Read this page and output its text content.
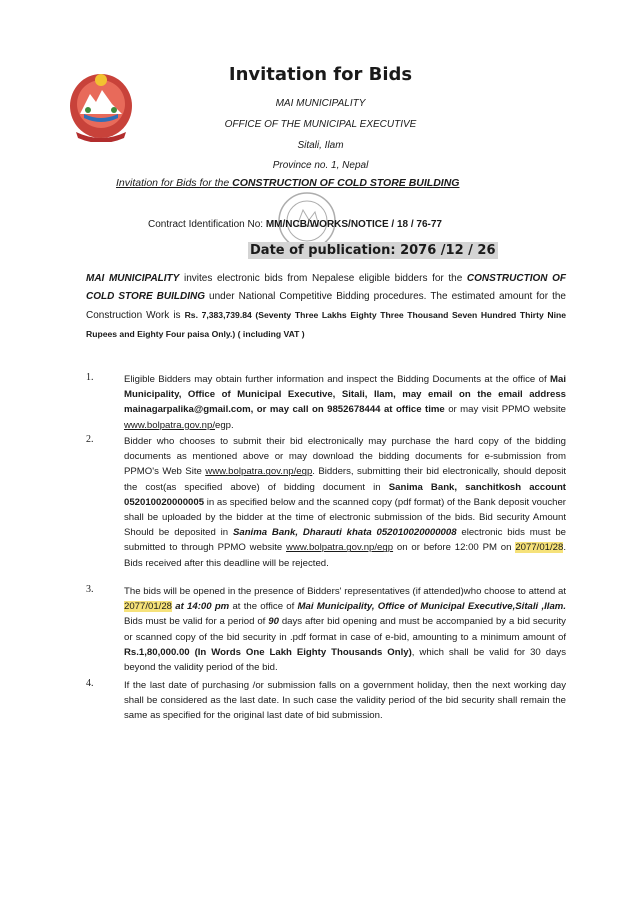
Invitation for Bids
MAI MUNICIPALITY
OFFICE OF THE MUNICIPAL EXECUTIVE
Sitali, Ilam
Province no. 1, Nepal
Invitation for Bids for the CONSTRUCTION OF COLD STORE BUILDING
Contract Identification No: MM/NCB/WORKS/NOTICE / 18 / 76-77
Date of publication: 2076 /12 / 26
MAI MUNICIPALITY invites electronic bids from Nepalese eligible bidders for the CONSTRUCTION OF COLD STORE BUILDING under National Competitive Bidding procedures. The estimated amount for the Construction Work is Rs. 7,383,739.84 (Seventy Three Lakhs Eighty Three Thousand Seven Hundred Thirty Nine Rupees and Eighty Four paisa Only.) ( including VAT )
1.	Eligible Bidders may obtain further information and inspect the Bidding Documents at the office of Mai Municipality, Office of Municipal Executive, Sitali, Ilam, may email on the email address mainagarpalika@gmail.com, or may call on 9852678444 at office time or may visit PPMO website www.bolpatra.gov.np/egp.
2.	Bidder who chooses to submit their bid electronically may purchase the hard copy of the bidding documents as mentioned above or may download the bidding documents for e-submission from PPMO's Web Site www.bolpatra.gov.np/egp. Bidders, submitting their bid electronically, should deposit the cost(as specified above) of bidding document in Sanima Bank, sanchitkosh account 052010020000005 in as specified below and the scanned copy (pdf format) of the Bank deposit voucher shall be uploaded by the bidder at the time of electronic submission of the bids. Bid security Amount Should be deposited in Sanima Bank, Dharauti khata 052010020000008 electronic bids must be submitted to through PPMO website www.bolpatra.gov.np/egp on or before 12:00 PM on 2077/01/28. Bids received after this deadline will be rejected.
3.	The bids will be opened in the presence of Bidders' representatives (if attended)who choose to attend at 2077/01/28 at 14:00 pm at the office of Mai Municipality, Office of Municipal Executive,Sitali ,Ilam. Bids must be valid for a period of 90 days after bid opening and must be accompanied by a bid security or scanned copy of the bid security in .pdf format in case of e-bid, amounting to a minimum amount of Rs.1,80,000.00 (In Words One Lakh Eighty Thousands Only), which shall be valid for 30 days beyond the validity period of the bid.
4.	If the last date of purchasing /or submission falls on a government holiday, then the next working day shall be considered as the last date. In such case the validity period of the bid security shall remain the same as specified for the original last date of bid submission.
